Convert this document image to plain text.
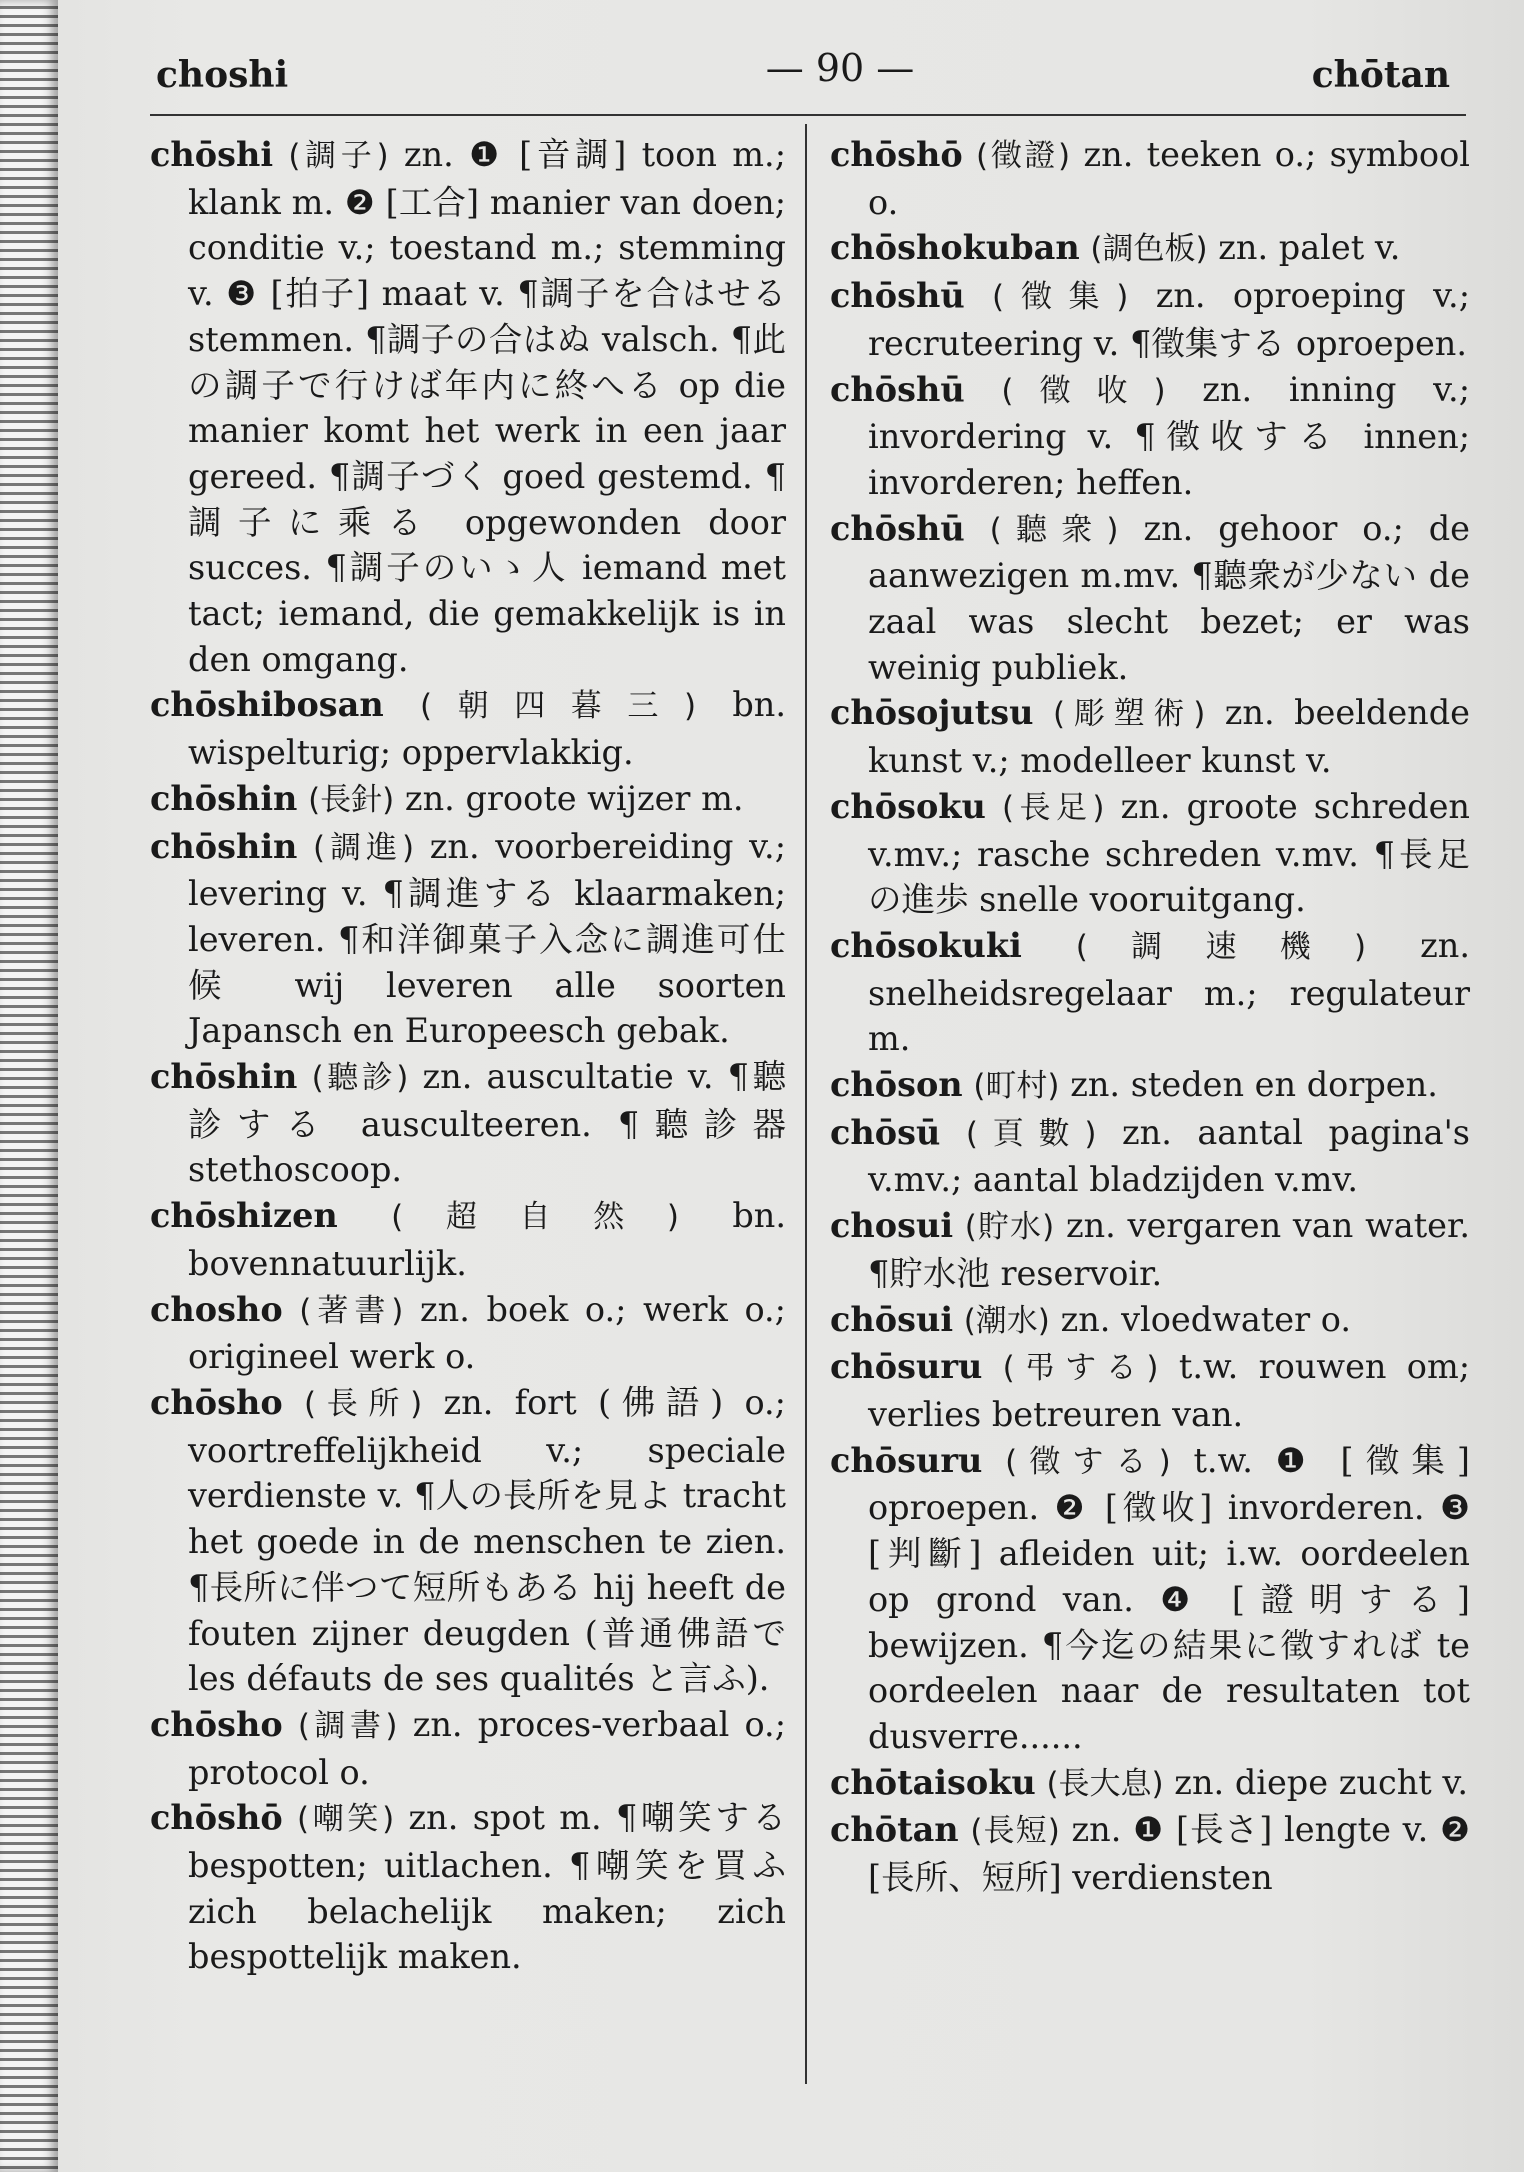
choshi	— 90 —	chōtan

chōshi (調子) zn. ❶ [音調] toon m.; klank m. ❷ [工合] manier van doen; conditie v.; toestand m.; stemming v. ❸ [拍子] maat v. ¶調子を合はせる stemmen. ¶調子の合はぬ valsch. ¶此の調子で行けば年内に終へる op die manier komt het werk in een jaar gereed. ¶調子づく goed gestemd. ¶調子に乘る opgewonden door succes. ¶調子のいゝ人 iemand met tact; iemand, die gemakkelijk is in den omgang.

chōshibosan (朝四暮三) bn. wispelturig; oppervlakkig.

chōshin (長針) zn. groote wijzer m.

chōshin (調進) zn. voorbereiding v.; levering v. ¶調進する klaarmaken; leveren. ¶和洋御菓子入念に調進可仕候 wij leveren alle soorten Japansch en Europeesch gebak.

chōshin (聽診) zn. auscultatie v. ¶聽診する ausculteeren. ¶聽診器 stethoscoop.

chōshizen (超自然) bn. bovennatuurlijk.

chosho (著書) zn. boek o.; werk o.; origineel werk o.

chōsho (長所) zn. fort (佛語) o.; voortreffelijkheid v.; speciale verdienste v. ¶人の長所を見よ tracht het goede in de menschen te zien. ¶長所に伴つて短所もある hij heeft de fouten zijner deugden (普通佛語で les défauts de ses qualités と言ふ).

chōsho (調書) zn. proces-verbaal o.; protocol o.

chōshō (嘲笑) zn. spot m. ¶嘲笑する bespotten; uitlachen. ¶嘲笑を買ふ zich belachelijk maken; zich bespottelijk maken.

chōshō (徵證) zn. teeken o.; symbool o.

chōshokuban (調色板) zn. palet v.

chōshū (徵集) zn. oproeping v.; recruteering v. ¶徵集する oproepen.

chōshū (徵收) zn. inning v.; invordering v. ¶徵收する innen; invorderen; heffen.

chōshū (聽衆) zn. gehoor o.; de aanwezigen m.mv. ¶聽衆が少ない de zaal was slecht bezet; er was weinig publiek.

chōsojutsu (彫塑術) zn. beeldende kunst v.; modelleer kunst v.

chōsoku (長足) zn. groote schreden v.mv.; rasche schreden v.mv. ¶長足の進歩 snelle vooruitgang.

chōsokuki (調速機) zn. snelheidsregelaar m.; regulateur m.

chōson (町村) zn. steden en dorpen.

chōsū (頁數) zn. aantal pagina's v.mv.; aantal bladzijden v.mv.

chosui (貯水) zn. vergaren van water. ¶貯水池 reservoir.

chōsui (潮水) zn. vloedwater o.

chōsuru (弔する) t.w. rouwen om; verlies betreuren van.

chōsuru (徵する) t.w. ❶ [徵集] oproepen. ❷ [徵收] invorderen. ❸ [判斷] afleiden uit; i.w. oordeelen op grond van. ❹ [證明する] bewijzen. ¶今迄の結果に徵すれば te oordeelen naar de resultaten tot dusverre......

chōtaisoku (長大息) zn. diepe zucht v.

chōtan (長短) zn. ❶ [長さ] lengte v. ❷ [長所、短所] verdiensten
